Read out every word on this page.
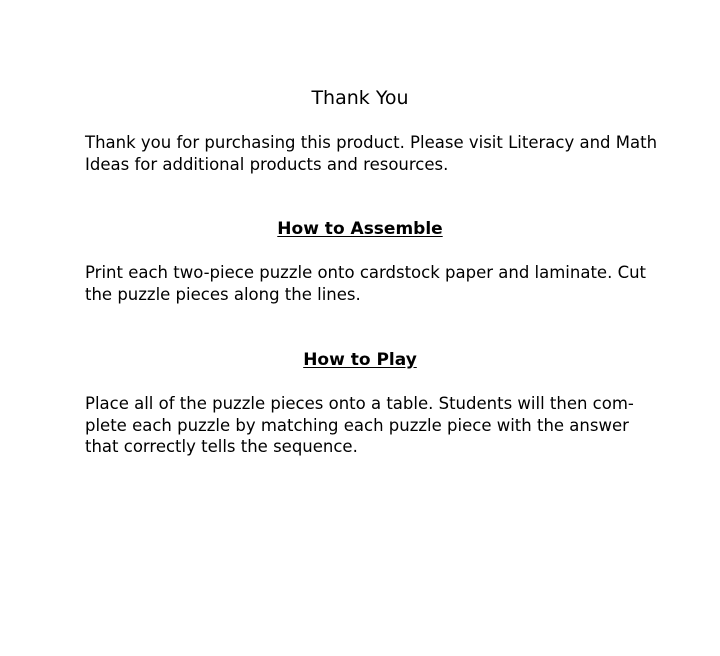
Thank You

Thank you for purchasing this product. Please visit Literacy and Math
Ideas for additional products and resources.

How to Assemble

Print each two-piece puzzle onto cardstock paper and laminate. Cut
the puzzle pieces along the lines.

How to Play

Place all of the puzzle pieces onto a table. Students will then com-
plete each puzzle by matching each puzzle piece with the answer
that correctly tells the sequence.
